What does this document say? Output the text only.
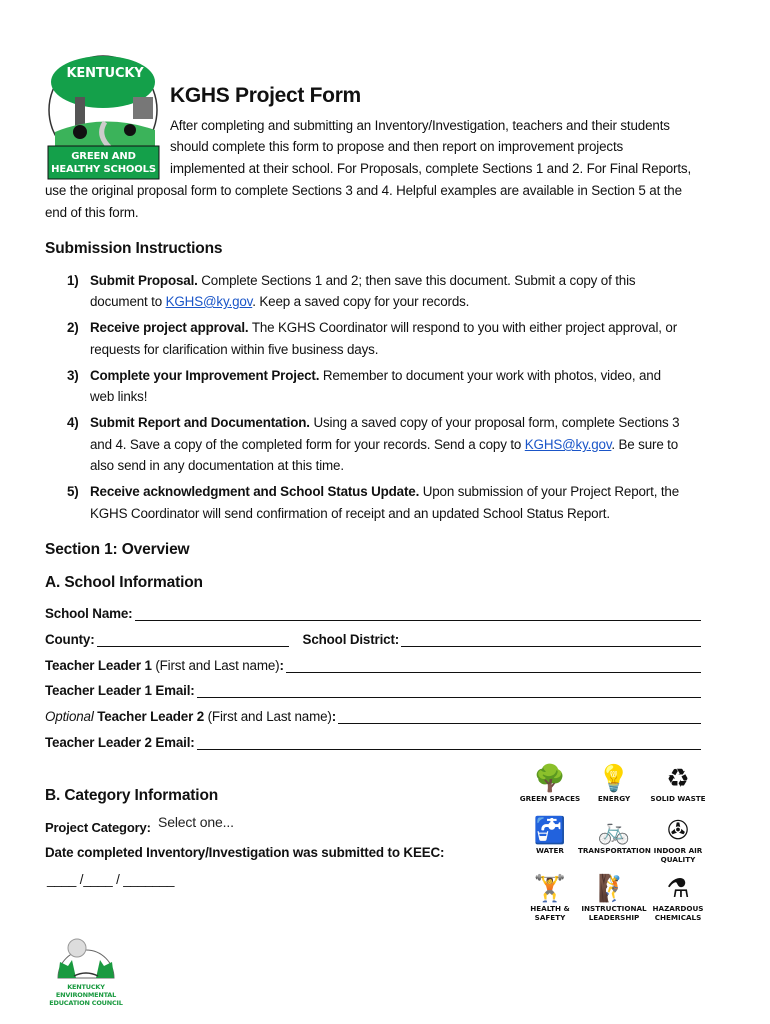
KENTUCKY
GREEN AND HEALTHY SCHOOLS
KGHS Project Form
After completing and submitting an Inventory/Investigation, teachers and their students
should complete this form to propose and then report on improvement projects
implemented at their school. For Proposals, complete Sections 1 and 2. For Final Reports,
use the original proposal form to complete Sections 3 and 4. Helpful examples are available in Section 5 at the
end of this form.
Submission Instructions
1) Submit Proposal. Complete Sections 1 and 2; then save this document. Submit a copy of this
document to KGHS@ky.gov. Keep a saved copy for your records.
2) Receive project approval. The KGHS Coordinator will respond to you with either project approval, or
requests for clarification within five business days.
3) Complete your Improvement Project. Remember to document your work with photos, video, and
web links!
4) Submit Report and Documentation. Using a saved copy of your proposal form, complete Sections 3
and 4. Save a copy of the completed form for your records. Send a copy to KGHS@ky.gov. Be sure to
also send in any documentation at this time.
5) Receive acknowledgment and School Status Update. Upon submission of your Project Report, the
KGHS Coordinator will send confirmation of receipt and an updated School Status Report.
Section 1: Overview
A. School Information
School Name:
County:	School District:
Teacher Leader 1 (First and Last name) :
Teacher Leader 1 Email:
Optional Teacher Leader 2 (First and Last name) :
Teacher Leader 2 Email:
B. Category Information
Project Category: Select one...
Date completed Inventory/Investigation was submitted to KEEC:
____ /____ / _______
🌳
GREEN SPACES
💡
ENERGY
♻
SOLID WASTE
🚰
WATER
🚲
TRANSPORTATION
✇
INDOOR AIR
QUALITY
🏋
HEALTH &
SAFETY
🧗
INSTRUCTIONAL
LEADERSHIP
⚗
HAZARDOUS
CHEMICALS
KENTUCKY ENVIRONMENTAL
EDUCATION COUNCIL
